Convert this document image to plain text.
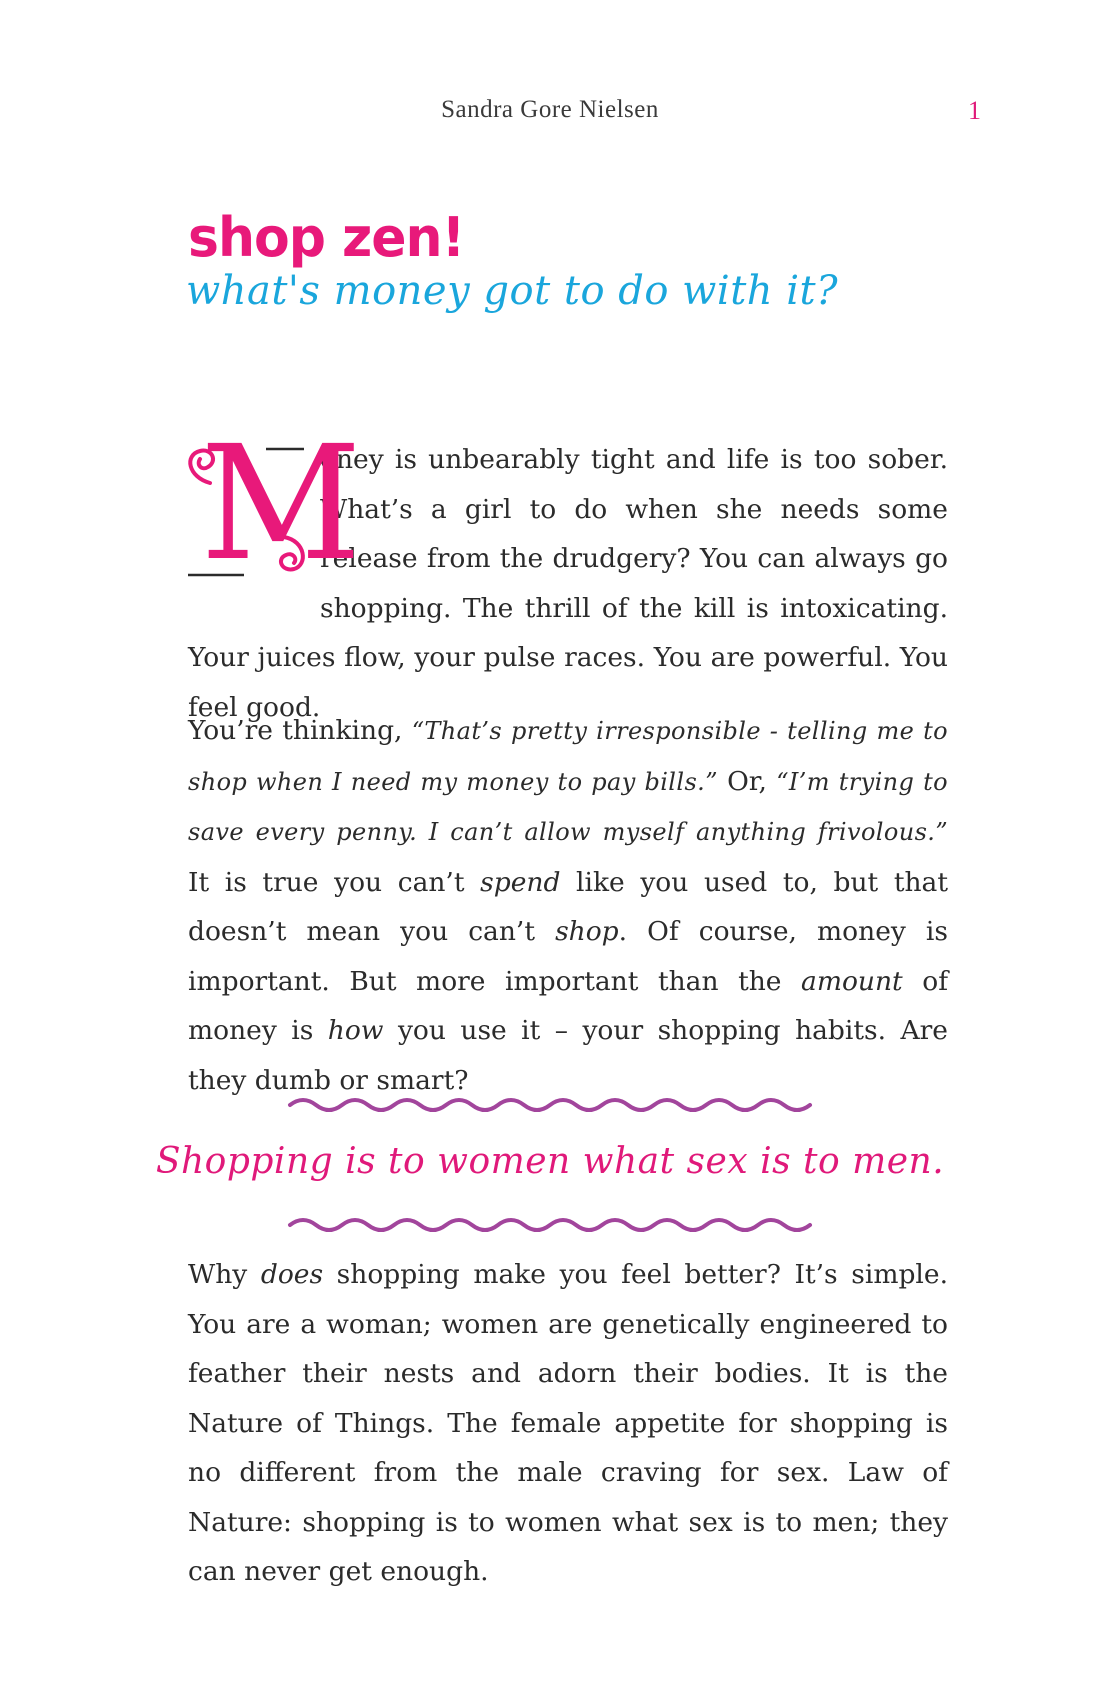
Sandra Gore Nielsen	1
shop zen!
what's money got to do with it?

M
oney is unbearably tight and life is too sober. What’s a girl to do when she needs some release from the drudgery? You can always go shopping. The thrill of the kill is intoxicating. Your juices flow, your pulse races. You are powerful. You feel good.

You’re thinking, “That’s pretty irresponsible - telling me to shop when I need my money to pay bills.” Or, “I’m trying to save every penny. I can’t allow myself anything frivolous.” It is true you can’t spend like you used to, but that doesn’t mean you can’t shop. Of course, money is important. But more important than the amount of money is how you use it – your shopping habits. Are they dumb or smart?

Shopping is to women what sex is to men.

Why does shopping make you feel better? It’s simple. You are a woman; women are genetically engineered to feather their nests and adorn their bodies. It is the Nature of Things. The female appetite for shopping is no different from the male craving for sex. Law of Nature: shopping is to women what sex is to men; they can never get enough.
